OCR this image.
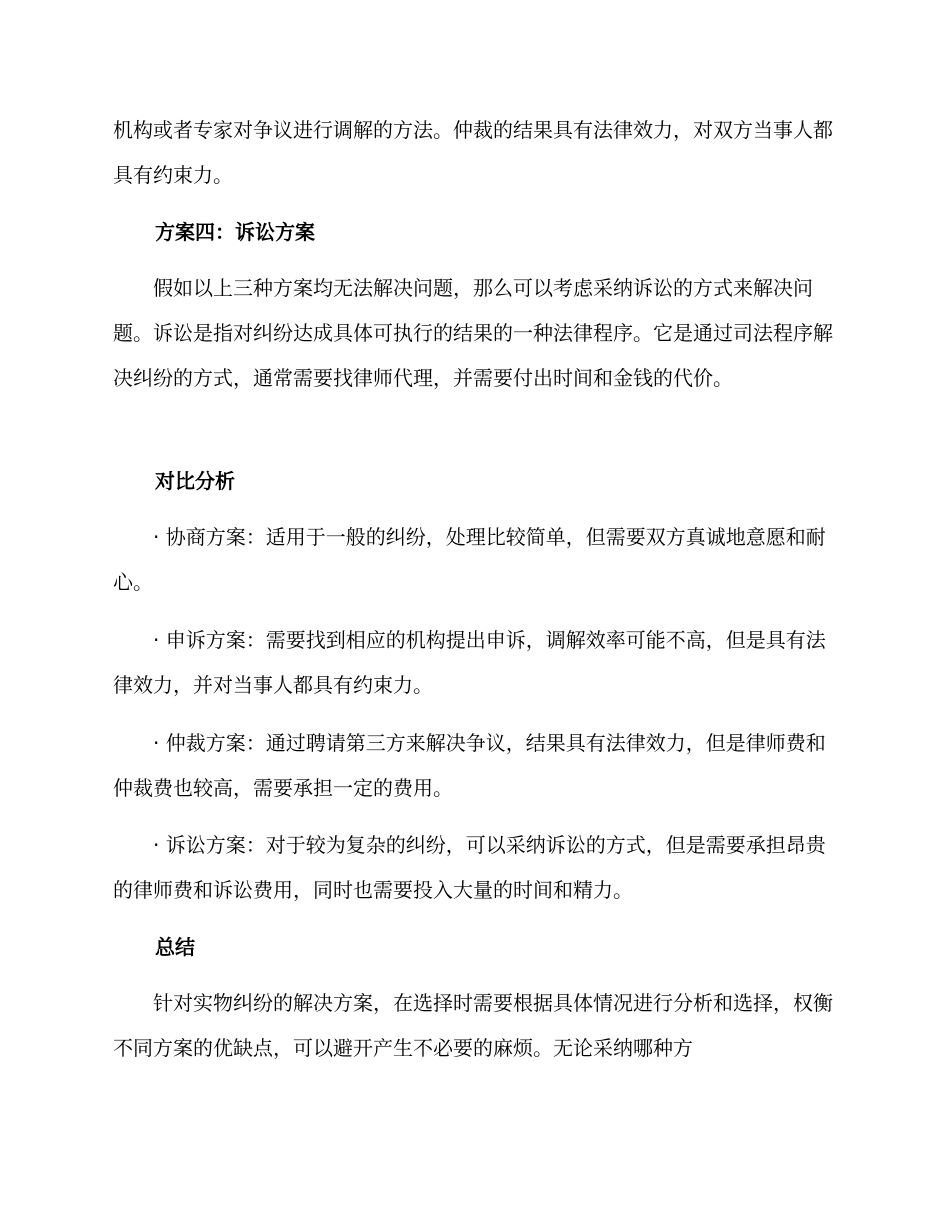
机构或者专家对争议进行调解的方法。仲裁的结果具有法律效力，对双方当事人都具有约束力。

方案四：诉讼方案

假如以上三种方案均无法解决问题，那么可以考虑采纳诉讼的方式来解决问题。诉讼是指对纠纷达成具体可执行的结果的一种法律程序。它是通过司法程序解决纠纷的方式，通常需要找律师代理，并需要付出时间和金钱的代价。

对比分析

· 协商方案：适用于一般的纠纷，处理比较简单，但需要双方真诚地意愿和耐心。

· 申诉方案：需要找到相应的机构提出申诉，调解效率可能不高，但是具有法律效力，并对当事人都具有约束力。

· 仲裁方案：通过聘请第三方来解决争议，结果具有法律效力，但是律师费和仲裁费也较高，需要承担一定的费用。

· 诉讼方案：对于较为复杂的纠纷，可以采纳诉讼的方式，但是需要承担昂贵的律师费和诉讼费用，同时也需要投入大量的时间和精力。

总结

针对实物纠纷的解决方案，在选择时需要根据具体情况进行分析和选择，权衡不同方案的优缺点，可以避开产生不必要的麻烦。无论采纳哪种方
